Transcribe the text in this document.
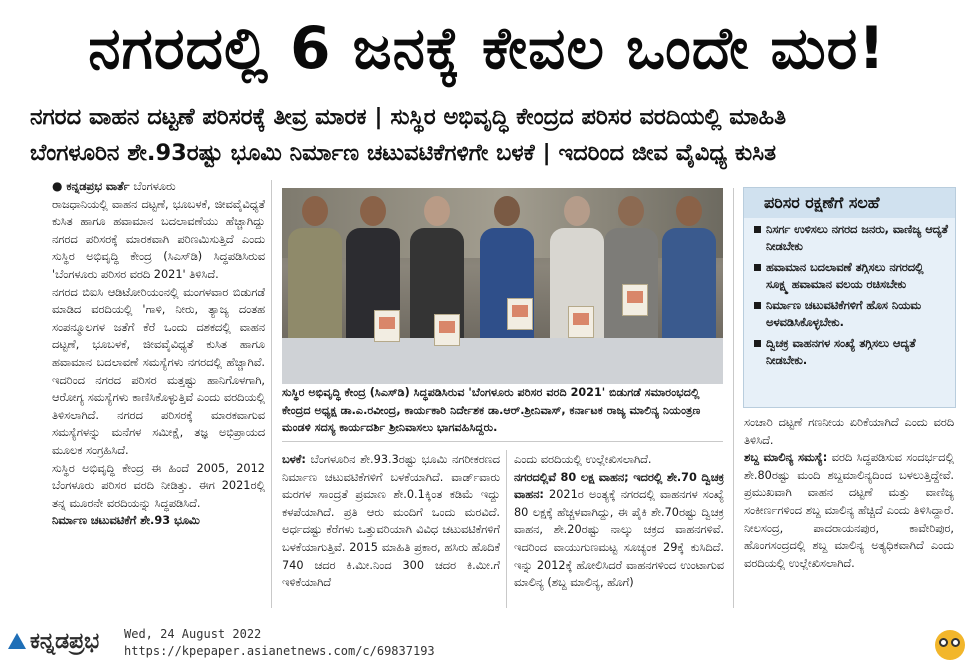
ನಗರದಲ್ಲಿ 6 ಜನಕ್ಕೆ ಕೇವಲ ಒಂದೇ ಮರ!
ನಗರದ ವಾಹನ ದಟ್ಟಣೆ ಪರಿಸರಕ್ಕೆ ತೀವ್ರ ಮಾರಕ | ಸುಸ್ಥಿರ ಅಭಿವೃದ್ಧಿ ಕೇಂದ್ರದ ಪರಿಸರ ವರದಿಯಲ್ಲಿ ಮಾಹಿತಿ
ಬೆಂಗಳೂರಿನ ಶೇ.93ರಷ್ಟು ಭೂಮಿ ನಿರ್ಮಾಣ ಚಟುವಟಿಕೆಗಳಿಗೇ ಬಳಕೆ | ಇದರಿಂದ ಜೀವ ವೈವಿಧ್ಯ ಕುಸಿತ

● ಕನ್ನಡಪ್ರಭ ವಾರ್ತೆ ಬೆಂಗಳೂರು

ರಾಜಧಾನಿಯಲ್ಲಿ ವಾಹನ ದಟ್ಟಣೆ, ಭೂಬಳಕೆ, ಜೀವವೈವಿಧ್ಯತೆ ಕುಸಿತ ಹಾಗೂ ಹವಾಮಾನ ಬದಲಾವಣೆಯು ಹೆಚ್ಚಾಗಿದ್ದು ನಗರದ ಪರಿಸರಕ್ಕೆ ಮಾರಕವಾಗಿ ಪರಿಣಮಿಸುತ್ತಿದೆ ಎಂದು ಸುಸ್ಥಿರ ಅಭಿವೃದ್ಧಿ ಕೇಂದ್ರ (ಸಿಎಸ್‌ಡಿ) ಸಿದ್ಧಪಡಿಸಿರುವ 'ಬೆಂಗಳೂರು ಪರಿಸರ ವರದಿ 2021' ತಿಳಿಸಿದೆ.

ನಗರದ ಬಿಐಸಿ ಆಡಿಟೋರಿಯಂನಲ್ಲಿ ಮಂಗಳವಾರ ಬಿಡುಗಡೆ ಮಾಡಿದ ವರದಿಯಲ್ಲಿ 'ಗಾಳಿ, ನೀರು, ತ್ಯಾಜ್ಯ ದಂತಹ ಸಂಪನ್ಮೂಲಗಳ ಜತೆಗೆ ಕೆರೆ ಒಂದು ದಶಕದಲ್ಲಿ ವಾಹನ ದಟ್ಟಣೆ, ಭೂಬಳಕೆ, ಜೀವವೈವಿಧ್ಯತೆ ಕುಸಿತ ಹಾಗೂ ಹವಾಮಾನ ಬದಲಾವಣೆ ಸಮಸ್ಯೆಗಳು ನಗರದಲ್ಲಿ ಹೆಚ್ಚಾಗಿವೆ. ಇದರಿಂದ ನಗರದ ಪರಿಸರ ಮತ್ತಷ್ಟು ಹಾನಿಗೊಳಗಾಗಿ, ಆರೋಗ್ಯ ಸಮಸ್ಯೆಗಳು ಕಾಣಿಸಿಕೊಳ್ಳುತ್ತಿವೆ ಎಂದು ವರದಿಯಲ್ಲಿ ತಿಳಿಸಲಾಗಿದೆ. ನಗರದ ಪರಿಸರಕ್ಕೆ ಮಾರಕವಾಗುವ ಸಮಸ್ಯೆಗಳನ್ನು ಮನೆಗಳ ಸಮೀಕ್ಷೆ, ತಜ್ಞ ಅಭಿಪ್ರಾಯದ ಮೂಲಕ ಸಂಗ್ರಹಿಸಿದೆ.

ಸುಸ್ಥಿರ ಅಭಿವೃದ್ಧಿ ಕೇಂದ್ರ ಈ ಹಿಂದೆ 2005, 2012 ಬೆಂಗಳೂರು ಪರಿಸರ ವರದಿ ನೀಡಿತ್ತು. ಈಗ 2021ರಲ್ಲಿ ತನ್ನ ಮೂರನೇ ವರದಿಯನ್ನು ಸಿದ್ಧಪಡಿಸಿದೆ.

ನಿರ್ಮಾಣ ಚಟುವಟಿಕೆಗೆ ಶೇ.93 ಭೂಮಿ

ಸುಸ್ಥಿರ ಅಭಿವೃದ್ಧಿ ಕೇಂದ್ರ (ಸಿಎಸ್‌ಡಿ) ಸಿದ್ಧಪಡಿಸಿರುವ 'ಬೆಂಗಳೂರು ಪರಿಸರ ವರದಿ 2021' ಬಿಡುಗಡೆ ಸಮಾರಂಭದಲ್ಲಿ ಕೇಂದ್ರದ ಅಧ್ಯಕ್ಷ ಡಾ.ಎ.ರವೀಂದ್ರ, ಕಾರ್ಯಕಾರಿ ನಿರ್ದೇಶಕ ಡಾ.ಆರ್.ಶ್ರೀನಿವಾಸ್, ಕರ್ನಾಟಕ ರಾಜ್ಯ ಮಾಲಿನ್ಯ ನಿಯಂತ್ರಣ ಮಂಡಳಿ ಸದಸ್ಯ ಕಾರ್ಯದರ್ಶಿ ಶ್ರೀನಿವಾಸಲು ಭಾಗವಹಿಸಿದ್ದರು.

ಬಳಕೆ: ಬೆಂಗಳೂರಿನ ಶೇ.93.3ರಷ್ಟು ಭೂಮಿ ನಗರೀಕರಣದ ನಿರ್ಮಾಣ ಚಟುವಟಿಕೆಗಳಿಗೆ ಬಳಕೆಯಾಗಿದೆ. ವಾರ್ಡ್‌ವಾರು ಮರಗಳ ಸಾಂದ್ರತೆ ಪ್ರಮಾಣ ಶೇ.0.1ಕ್ಕಿಂತ ಕಡಿಮೆ ಇದ್ದು ಕಳಪೆಯಾಗಿದೆ. ಪ್ರತಿ ಆರು ಮಂದಿಗೆ ಒಂದು ಮರವಿದೆ. ಅರ್ಧದಷ್ಟು ಕೆರೆಗಳು ಒತ್ತುವರಿಯಾಗಿ ವಿವಿಧ ಚಟುವಟಿಕೆಗಳಿಗೆ ಬಳಕೆಯಾಗುತ್ತಿವೆ. 2015 ಮಾಹಿತಿ ಪ್ರಕಾರ, ಹಸಿರು ಹೊದಿಕೆ 740 ಚದರ ಕಿ.ಮೀ.ನಿಂದ 300 ಚದರ ಕಿ.ಮೀ.ಗೆ ಇಳಿಕೆಯಾಗಿದೆ

ಎಂದು ವರದಿಯಲ್ಲಿ ಉಲ್ಲೇಖಿಸಲಾಗಿದೆ.

ನಗರದಲ್ಲಿವೆ 80 ಲಕ್ಷ ವಾಹನ; ಇದರಲ್ಲಿ ಶೇ.70 ದ್ವಿಚಕ್ರ ವಾಹನ: 2021ರ ಅಂತ್ಯಕ್ಕೆ ನಗರದಲ್ಲಿ ವಾಹನಗಳ ಸಂಖ್ಯೆ 80 ಲಕ್ಷಕ್ಕೆ ಹೆಚ್ಚಳವಾಗಿದ್ದು, ಈ ಪೈಕಿ ಶೇ.70ರಷ್ಟು ದ್ವಿಚಕ್ರ ವಾಹನ, ಶೇ.20ರಷ್ಟು ನಾಲ್ಕು ಚಕ್ರದ ವಾಹನಗಳಿವೆ. ಇದರಿಂದ ವಾಯುಗುಣಮಟ್ಟ ಸೂಚ್ಯಂಕ 29ಕ್ಕೆ ಕುಸಿದಿದೆ. ಇನ್ನು 2012ಕ್ಕೆ ಹೋಲಿಸಿದರೆ ವಾಹನಗಳಿಂದ ಉಂಟಾಗುವ ಮಾಲಿನ್ಯ (ಶಬ್ದ ಮಾಲಿನ್ಯ, ಹೊಗೆ)

ಪರಿಸರ ರಕ್ಷಣೆಗೆ ಸಲಹೆ
ನಿಸರ್ಗ ಉಳಿಸಲು ನಗರದ ಜನರು, ವಾಣಿಜ್ಯ ಆದ್ಯತೆ ನೀಡಬೇಕು
ಹವಾಮಾನ ಬದಲಾವಣೆ ತಗ್ಗಿಸಲು ನಗರದಲ್ಲಿ ಸೂಕ್ಷ್ಮ ಹವಾಮಾನ ವಲಯ ರಚಿಸಬೇಕು
ನಿರ್ಮಾಣ ಚಟುವಟಿಕೆಗಳಿಗೆ ಹೊಸ ನಿಯಮ ಅಳವಡಿಸಿಕೊಳ್ಳಬೇಕು.
ದ್ವಿಚಕ್ರ ವಾಹನಗಳ ಸಂಖ್ಯೆ ತಗ್ಗಿಸಲು ಆದ್ಯತೆ ನೀಡಬೇಕು.

ಸಂಚಾರಿ ದಟ್ಟಣೆ ಗಣನೀಯ ಏರಿಕೆಯಾಗಿದೆ ಎಂದು ವರದಿ ತಿಳಿಸಿದೆ.

ಶಬ್ದ ಮಾಲಿನ್ಯ ಸಮಸ್ಯೆ: ವರದಿ ಸಿದ್ಧಪಡಿಸುವ ಸಂದರ್ಭದಲ್ಲಿ ಶೇ.80ರಷ್ಟು ಮಂದಿ ಶಬ್ದಮಾಲಿನ್ಯದಿಂದ ಬಳಲುತ್ತಿದ್ದೇವೆ. ಪ್ರಮುಖವಾಗಿ ವಾಹನ ದಟ್ಟಣೆ ಮತ್ತು ವಾಣಿಜ್ಯ ಸಂಕೀರ್ಣಗಳಿಂದ ಶಬ್ದ ಮಾಲಿನ್ಯ ಹೆಚ್ಚಿದೆ ಎಂದು ತಿಳಿಸಿದ್ದಾರೆ. ನೀಲಸಂದ್ರ, ಪಾದರಾಯನಪುರ, ಕಾವೇರಿಪುರ, ಹೊಂಗಸಂದ್ರದಲ್ಲಿ ಶಬ್ದ ಮಾಲಿನ್ಯ ಅತ್ಯಧಿಕವಾಗಿದೆ ಎಂದು ವರದಿಯಲ್ಲಿ ಉಲ್ಲೇಖಿಸಲಾಗಿದೆ.

ಕನ್ನಡಪ್ರಭ Wed, 24 August 2022
https://kpepaper.asianetnews.com/c/69837193
